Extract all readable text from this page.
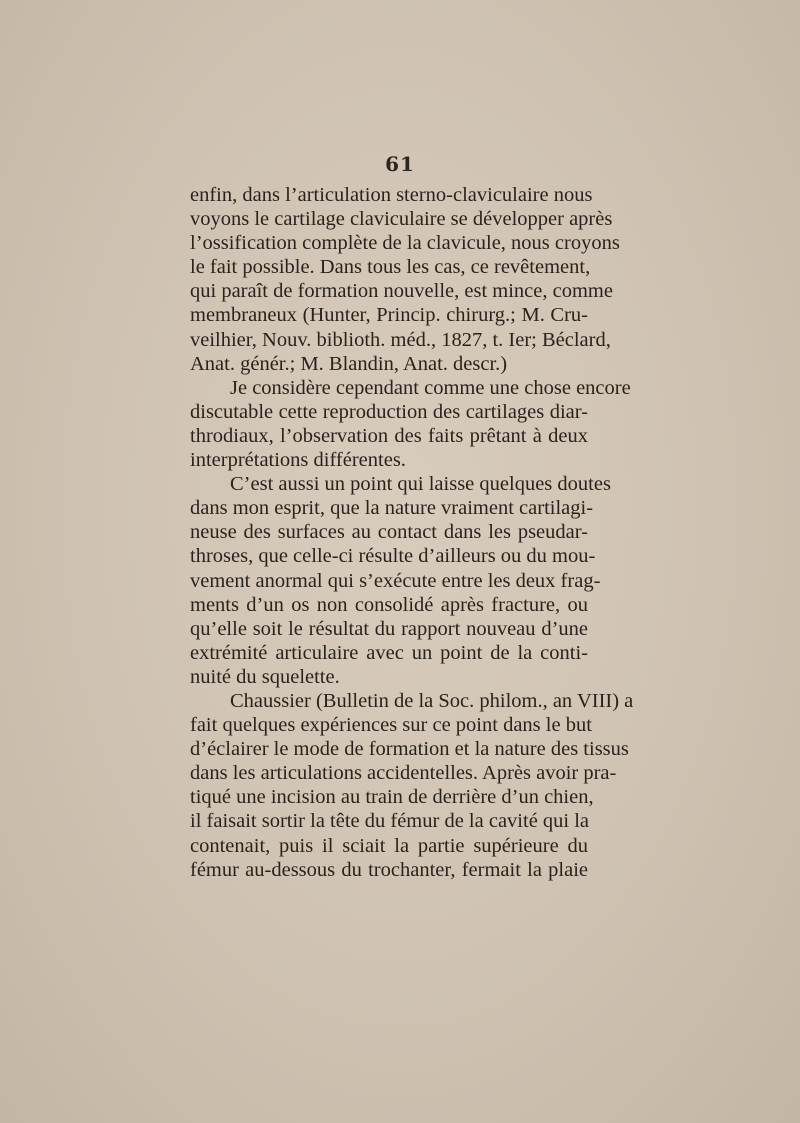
61
enfin, dans l’articulation sterno-claviculaire nous
voyons le cartilage claviculaire se développer après
l’ossification complète de la clavicule, nous croyons
le fait possible. Dans tous les cas, ce revêtement,
qui paraît de formation nouvelle, est mince, comme
membraneux (Hunter, Princip. chirurg.; M. Cru-
veilhier, Nouv. biblioth. méd., 1827, t. Ier; Béclard,
Anat. génér.; M. Blandin, Anat. descr.)
Je considère cependant comme une chose encore
discutable cette reproduction des cartilages diar-
throdiaux, l’observation des faits prêtant à deux
interprétations différentes.
C’est aussi un point qui laisse quelques doutes
dans mon esprit, que la nature vraiment cartilagi-
neuse des surfaces au contact dans les pseudar-
throses, que celle-ci résulte d’ailleurs ou du mou-
vement anormal qui s’exécute entre les deux frag-
ments d’un os non consolidé après fracture, ou
qu’elle soit le résultat du rapport nouveau d’une
extrémité articulaire avec un point de la conti-
nuité du squelette.
Chaussier (Bulletin de la Soc. philom., an VIII) a
fait quelques expériences sur ce point dans le but
d’éclairer le mode de formation et la nature des tissus
dans les articulations accidentelles. Après avoir pra-
tiqué une incision au train de derrière d’un chien,
il faisait sortir la tête du fémur de la cavité qui la
contenait, puis il sciait la partie supérieure du
fémur au-dessous du trochanter, fermait la plaie
